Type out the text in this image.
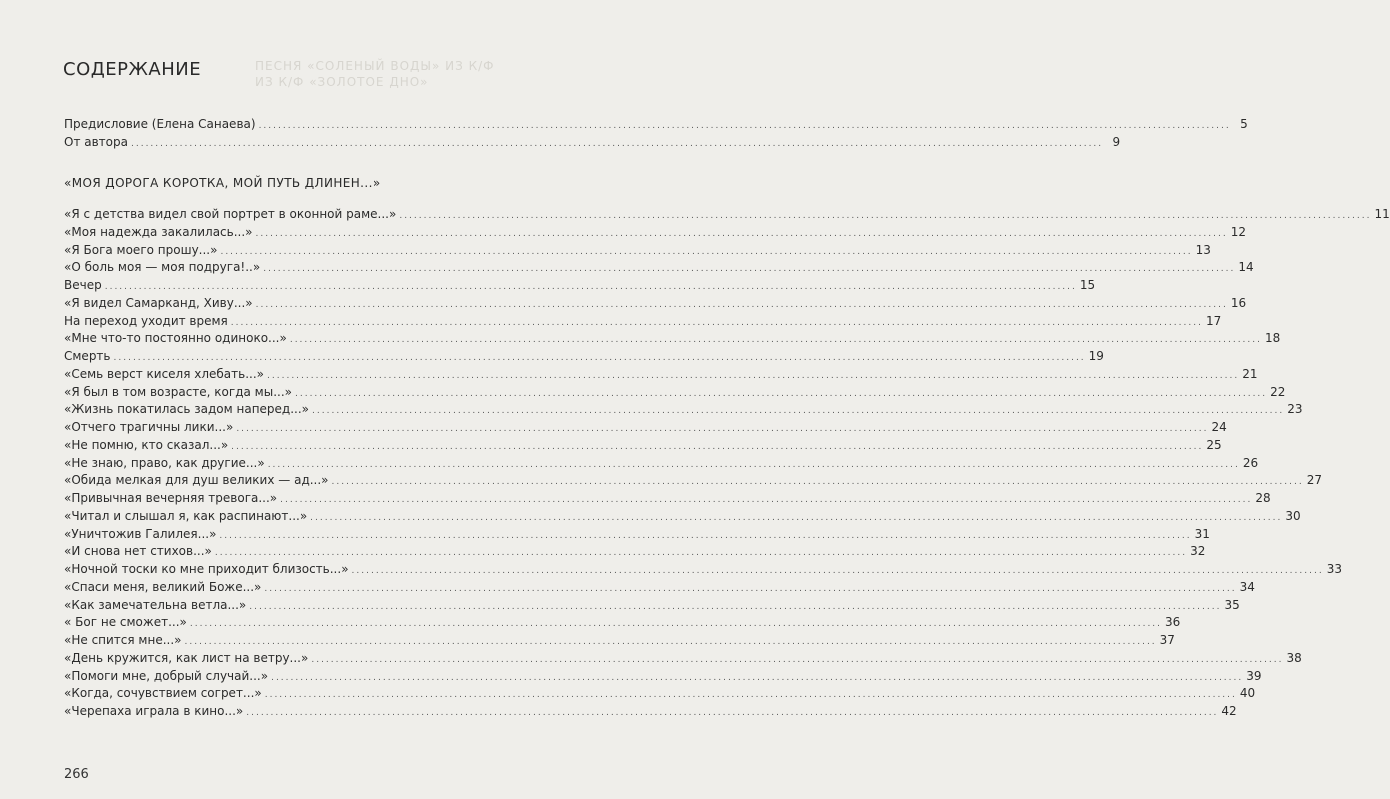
ПЕСНЯ «СОЛЕНЫЙ ВОДЫ» ИЗ К/Ф
ИЗ К/Ф «ЗОЛОТОЕ ДНО»
СОДЕРЖАНИЕ
Предисловие (Елена Санаева) ........................................................................................................................................................................................................ 5
От автора ........................................................................................................................................................................................................ 9
«МОЯ ДОРОГА КОРОТКА, МОЙ ПУТЬ ДЛИНЕН...»
«Я с детства видел свой портрет в оконной раме...» ........................................................................................................................................................................................................ 11
«Моя надежда закалилась...» ........................................................................................................................................................................................................ 12
«Я Бога моего прошу...» ........................................................................................................................................................................................................ 13
«О боль моя — моя подруга!..» ........................................................................................................................................................................................................ 14
Вечер ........................................................................................................................................................................................................ 15
«Я видел Самарканд, Хиву...» ........................................................................................................................................................................................................ 16
На переход уходит время ........................................................................................................................................................................................................ 17
«Мне что-то постоянно одиноко...» ........................................................................................................................................................................................................ 18
Смерть ........................................................................................................................................................................................................ 19
«Семь верст киселя хлебать...» ........................................................................................................................................................................................................ 21
«Я был в том возрасте, когда мы...» ........................................................................................................................................................................................................ 22
«Жизнь покатилась задом наперед...» ........................................................................................................................................................................................................ 23
«Отчего трагичны лики...» ........................................................................................................................................................................................................ 24
«Не помню, кто сказал...» ........................................................................................................................................................................................................ 25
«Не знаю, право, как другие...» ........................................................................................................................................................................................................ 26
«Обида мелкая для душ великих — ад...» ........................................................................................................................................................................................................ 27
«Привычная вечерняя тревога...» ........................................................................................................................................................................................................ 28
«Читал и слышал я, как распинают...» ........................................................................................................................................................................................................ 30
«Уничтожив Галилея...» ........................................................................................................................................................................................................ 31
«И снова нет стихов...» ........................................................................................................................................................................................................ 32
«Ночной тоски ко мне приходит близость...» ........................................................................................................................................................................................................ 33
«Спаси меня, великий Боже...» ........................................................................................................................................................................................................ 34
«Как замечательна ветла...» ........................................................................................................................................................................................................ 35
« Бог не сможет...» ........................................................................................................................................................................................................ 36
«Не спится мне...» ........................................................................................................................................................................................................ 37
«День кружится, как лист на ветру...» ........................................................................................................................................................................................................ 38
«Помоги мне, добрый случай...» ........................................................................................................................................................................................................ 39
«Когда, сочувствием согрет...» ........................................................................................................................................................................................................ 40
«Черепаха играла в кино...» ........................................................................................................................................................................................................ 42
266
